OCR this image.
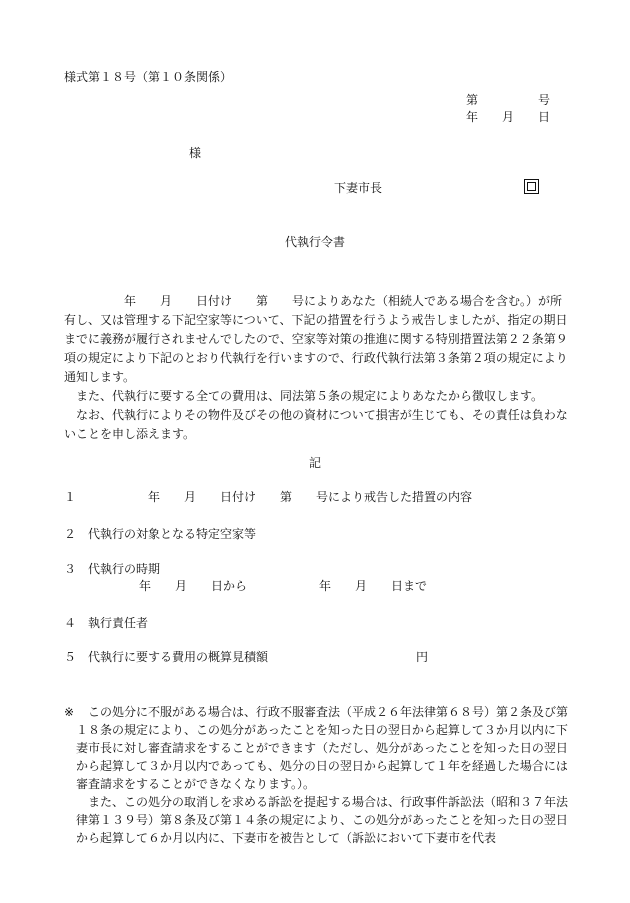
様式第１８号（第１０条関係）
第　　　　　号
年　　月　　日
様
下妻市長
代執行令書
　　　　　年　　月　　日付け　　第　　号によりあなた（相続人である場合を含む。）が所有し、又は管理する下記空家等について、下記の措置を行うよう戒告しましたが、指定の期日までに義務が履行されませんでしたので、空家等対策の推進に関する特別措置法第２２条第９項の規定により下記のとおり代執行を行いますので、行政代執行法第３条第２項の規定により通知します。
　また、代執行に要する全ての費用は、同法第５条の規定によりあなたから徴収します。
　なお、代執行によりその物件及びその他の資材について損害が生じても、その責任は負わないことを申し添えます。
記
１　　　　　　年　　月　　日付け　　第　　号により戒告した措置の内容
２　代執行の対象となる特定空家等
３　代執行の時期
年　　月　　日から　　　　　　年　　月　　日まで
４　執行責任者
５　代執行に要する費用の概算見積額	円
※	この処分に不服がある場合は、行政不服審査法（平成２６年法律第６８号）第２条及び第１８条の規定により、この処分があったことを知った日の翌日から起算して３か月以内に下妻市長に対し審査請求をすることができます（ただし、処分があったことを知った日の翌日から起算して３か月以内であっても、処分の日の翌日から起算して１年を経過した場合には審査請求をすることができなくなります。）。
　また、この処分の取消しを求める訴訟を提起する場合は、行政事件訴訟法（昭和３７年法律第１３９号）第８条及び第１４条の規定により、この処分があったことを知った日の翌日から起算して６か月以内に、下妻市を被告として（訴訟において下妻市を代表
